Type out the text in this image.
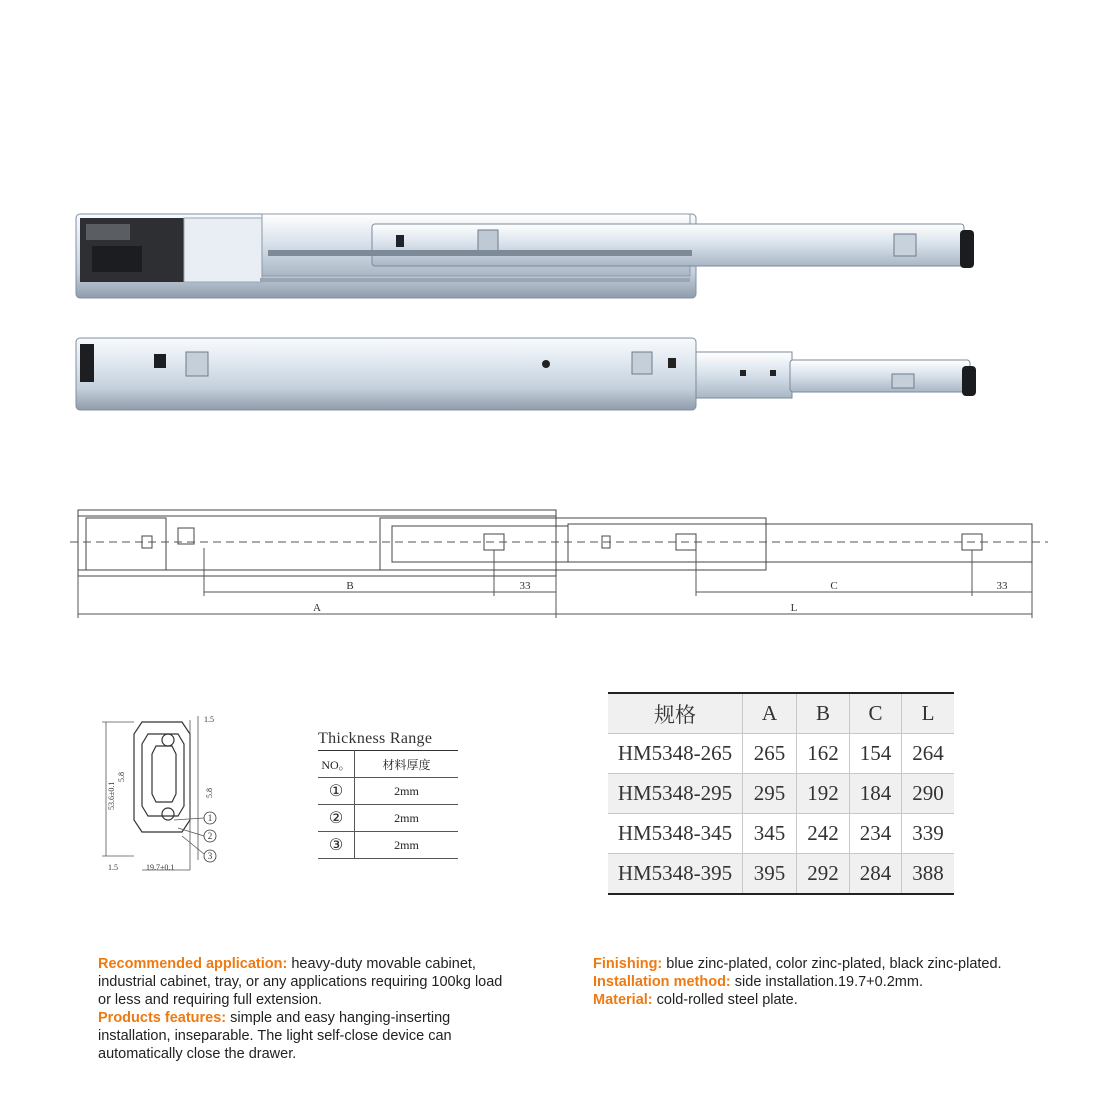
B	33
A
C	33
L
1.5
53.6±0.1
5.8
5.8
1.5	19.7±0.1
1
2
3
Thickness Range
NO。	材料厚度
①	2mm
②	2mm
③	2mm
规格	A	B	C	L
HM5348-265	265	162	154	264
HM5348-295	295	192	184	290
HM5348-345	345	242	234	339
HM5348-395	395	292	284	388
Recommended application: heavy-duty movable cabinet, industrial cabinet, tray, or any applications requiring 100kg load or less and requiring full extension.
Products features: simple and easy hanging-inserting installation, inseparable. The light self-close device can automatically close the drawer.
Finishing: blue zinc-plated, color zinc-plated, black zinc-plated.
Installation method: side installation.19.7+0.2mm.
Material: cold-rolled steel plate.
